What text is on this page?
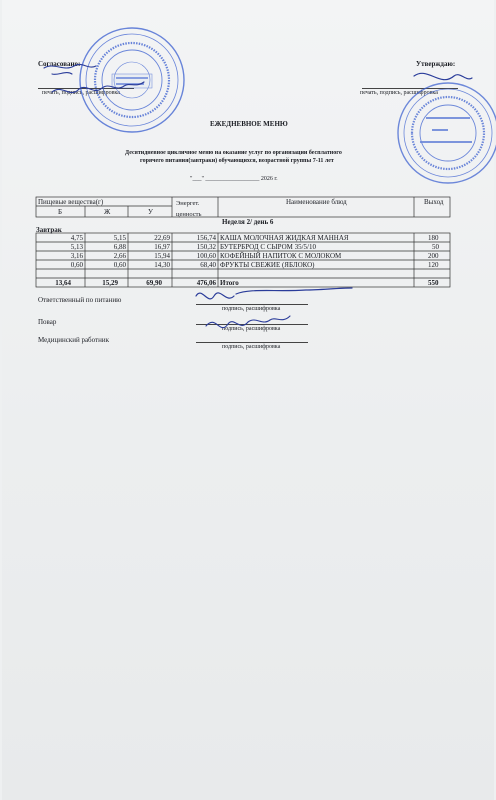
Согласовано:	Утверждаю:
печать, подпись, расшифровка	печать, подпись, расшифровка
ЕЖЕДНЕВНОЕ МЕНЮ
Десятидневное цикличное меню на оказание услуг по организации бесплатного
горячего питания(завтраки) обучающихся, возрастной группы 7-11 лет
"___" __________________ 2026 г.
Пищевые вещества(г)
Б	Ж	У
Энергет. ценность
Наименование блюд	Выход
Неделя 2/ день 6
Завтрак
4,75	5,15	22,69	156,74 КАША МОЛОЧНАЯ ЖИДКАЯ МАННАЯ	180
5,13	6,88	16,97	150,32 БУТЕРБРОД С СЫРОМ 35/5/10	50
3,16	2,66	15,94	100,60 КОФЕЙНЫЙ НАПИТОК С МОЛОКОМ	200
0,60	0,60	14,30	68,40 ФРУКТЫ СВЕЖИЕ (ЯБЛОКО)	120
13,64	15,29	69,90	476,06 Итого	550
Ответственный по питанию
подпись, расшифровка
Повар
подпись, расшифровка
Медицинский работник
подпись, расшифровка
